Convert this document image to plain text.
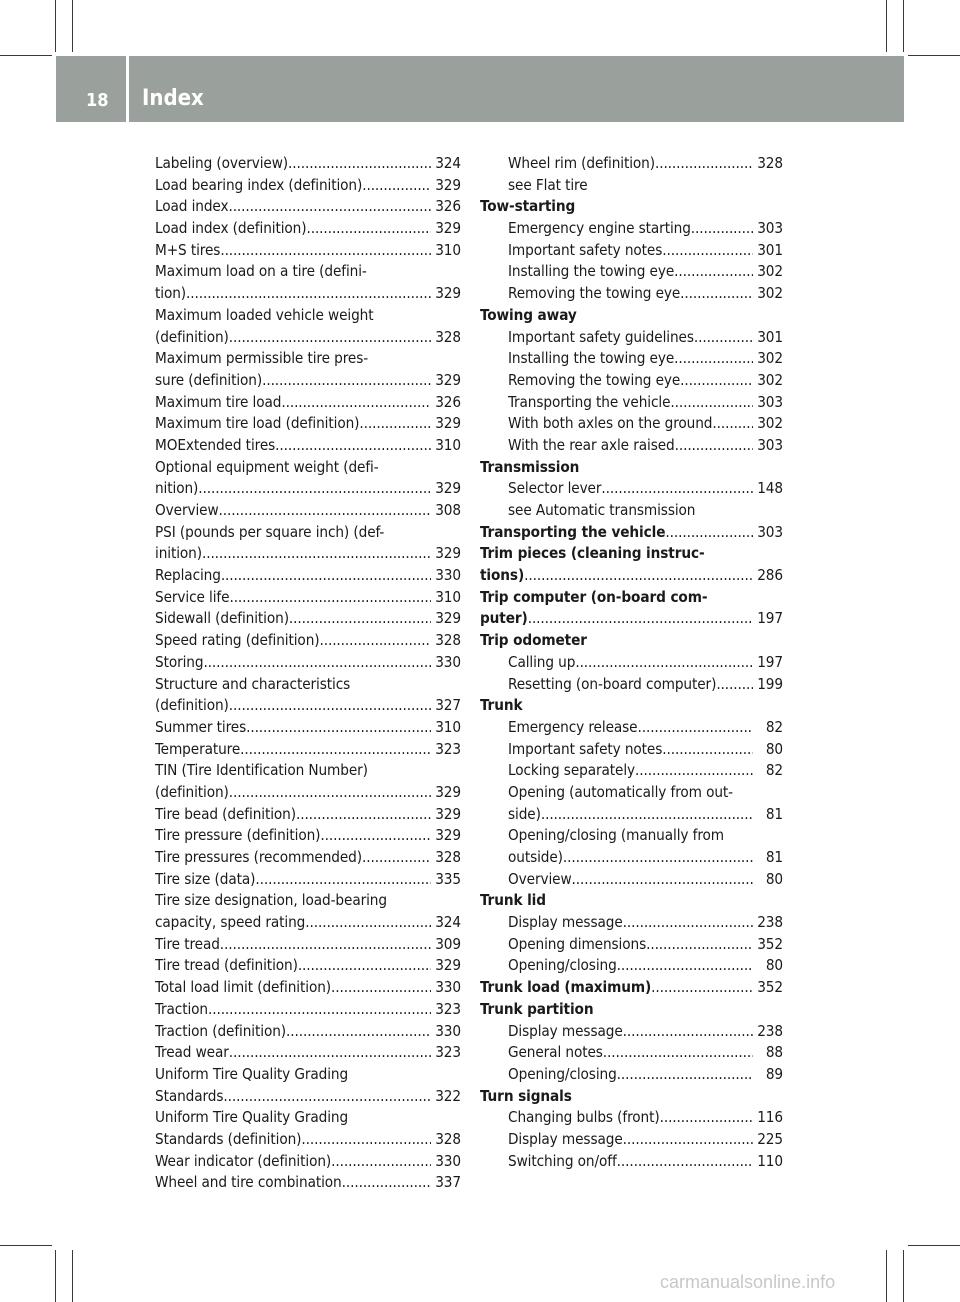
18 Index
Labeling (overview) .....	324
Load bearing index (definition) .....	329
Load index .....	326
Load index (definition) .....	329
M+S tires .....	310
Maximum load on a tire (defini-
tion) .....	329
Maximum loaded vehicle weight
(definition) .....	328
Maximum permissible tire pres-
sure (definition) .....	329
Maximum tire load .....	326
Maximum tire load (definition) .....	329
MOExtended tires .....	310
Optional equipment weight (defi-
nition) .....	329
Overview .....	308
PSI (pounds per square inch) (def-
inition) .....	329
Replacing .....	330
Service life .....	310
Sidewall (definition) .....	329
Speed rating (definition) .....	328
Storing .....	330
Structure and characteristics
(definition) .....	327
Summer tires .....	310
Temperature .....	323
TIN (Tire Identification Number)
(definition) .....	329
Tire bead (definition) .....	329
Tire pressure (definition) .....	329
Tire pressures (recommended) .....	328
Tire size (data) .....	335
Tire size designation, load-bearing
capacity, speed rating .....	324
Tire tread .....	309
Tire tread (definition) .....	329
Total load limit (definition) .....	330
Traction .....	323
Traction (definition) .....	330
Tread wear .....	323
Uniform Tire Quality Grading
Standards .....	322
Uniform Tire Quality Grading
Standards (definition) .....	328
Wear indicator (definition) .....	330
Wheel and tire combination .....	337
Wheel rim (definition) .....	328
see Flat tire
Tow-starting
Emergency engine starting .....	303
Important safety notes .....	301
Installing the towing eye .....	302
Removing the towing eye .....	302
Towing away
Important safety guidelines .....	301
Installing the towing eye .....	302
Removing the towing eye .....	302
Transporting the vehicle .....	303
With both axles on the ground .....	302
With the rear axle raised .....	303
Transmission
Selector lever .....	148
see Automatic transmission
Transporting the vehicle .....	303
Trim pieces (cleaning instruc-
tions) .....	286
Trip computer (on-board com-
puter) .....	197
Trip odometer
Calling up .....	197
Resetting (on-board computer) .....	199
Trunk
Emergency release .....	82
Important safety notes .....	80
Locking separately .....	82
Opening (automatically from out-
side) .....	81
Opening/closing (manually from
outside) .....	81
Overview .....	80
Trunk lid
Display message .....	238
Opening dimensions .....	352
Opening/closing .....	80
Trunk load (maximum) .....	352
Trunk partition
Display message .....	238
General notes .....	88
Opening/closing .....	89
Turn signals
Changing bulbs (front) .....	116
Display message .....	225
Switching on/off .....	110
carmanualsonline.info
